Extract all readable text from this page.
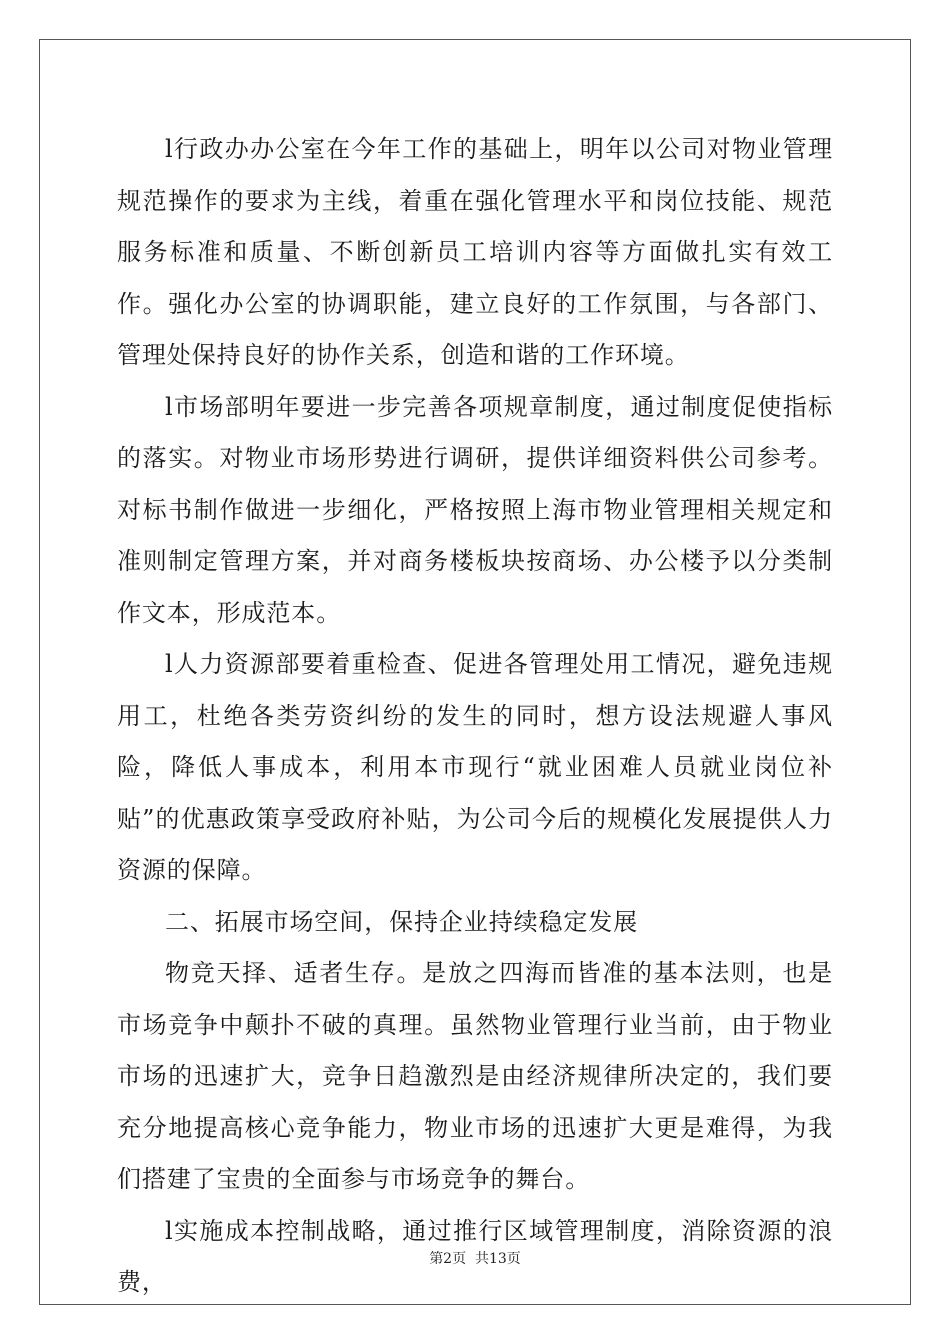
l行政办办公室在今年工作的基础上，明年以公司对物业管理规范操作的要求为主线，着重在强化管理水平和岗位技能、规范服务标准和质量、不断创新员工培训内容等方面做扎实有效工作。强化办公室的协调职能，建立良好的工作氛围，与各部门、管理处保持良好的协作关系，创造和谐的工作环境。

l市场部明年要进一步完善各项规章制度，通过制度促使指标的落实。对物业市场形势进行调研，提供详细资料供公司参考。对标书制作做进一步细化，严格按照上海市物业管理相关规定和准则制定管理方案，并对商务楼板块按商场、办公楼予以分类制作文本，形成范本。

l人力资源部要着重检查、促进各管理处用工情况，避免违规用工，杜绝各类劳资纠纷的发生的同时，想方设法规避人事风险，降低人事成本，利用本市现行“就业困难人员就业岗位补贴”的优惠政策享受政府补贴，为公司今后的规模化发展提供人力资源的保障。

二、拓展市场空间，保持企业持续稳定发展

物竞天择、适者生存。是放之四海而皆准的基本法则，也是市场竞争中颠扑不破的真理。虽然物业管理行业当前，由于物业市场的迅速扩大，竞争日趋激烈是由经济规律所决定的，我们要充分地提高核心竞争能力，物业市场的迅速扩大更是难得，为我们搭建了宝贵的全面参与市场竞争的舞台。

l实施成本控制战略，通过推行区域管理制度，消除资源的浪费，

第2页  共13页
